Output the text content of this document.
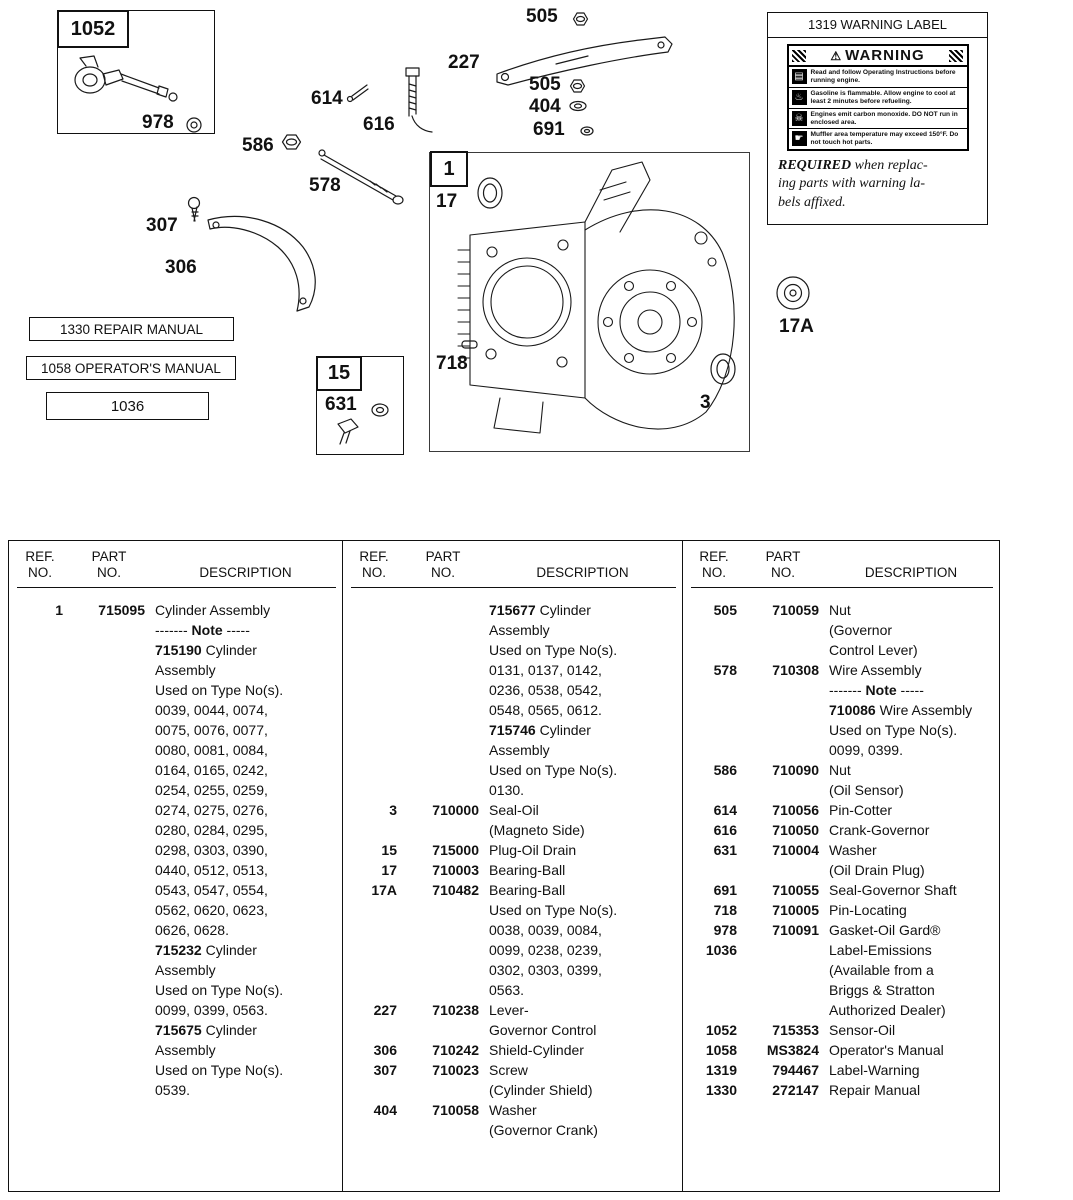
1052
1
15
978
505
227
505
404
691
614
616
586
578
307
306
17
718
3
17A
631
1330 REPAIR MANUAL
1058 OPERATOR'S MANUAL
1036
1319 WARNING LABEL
⚠ WARNING
▤	Read and follow Operating Instructions before running engine.
♨	Gasoline is flammable. Allow engine to cool at least 2 minutes before refueling.
☠	Engines emit carbon monoxide. DO NOT run in enclosed area.
☛	Muffler area temperature may exceed 150°F. Do not touch hot parts.
REQUIRED when replac-
ing parts with warning la-
bels affixed.
REF.
NO.
PART
NO.	DESCRIPTION
1	715095 Cylinder Assembly
------- Note -----
715190 Cylinder
Assembly
Used on Type No(s).
0039, 0044, 0074,
0075, 0076, 0077,
0080, 0081, 0084,
0164, 0165, 0242,
0254, 0255, 0259,
0274, 0275, 0276,
0280, 0284, 0295,
0298, 0303, 0390,
0440, 0512, 0513,
0543, 0547, 0554,
0562, 0620, 0623,
0626, 0628.
715232 Cylinder
Assembly
Used on Type No(s).
0099, 0399, 0563.
715675 Cylinder
Assembly
Used on Type No(s).
0539.
REF.
NO.
PART
NO.	DESCRIPTION
715677 Cylinder
Assembly
Used on Type No(s).
0131, 0137, 0142,
0236, 0538, 0542,
0548, 0565, 0612.
715746 Cylinder
Assembly
Used on Type No(s).
0130.
3	710000 Seal-Oil
(Magneto Side)
15	715000 Plug-Oil Drain
17	710003 Bearing-Ball
17A	710482 Bearing-Ball
Used on Type No(s).
0038, 0039, 0084,
0099, 0238, 0239,
0302, 0303, 0399,
0563.
227	710238 Lever-
Governor Control
306	710242 Shield-Cylinder
307	710023 Screw
(Cylinder Shield)
404	710058 Washer
(Governor Crank)
REF.
NO.
PART
NO.	DESCRIPTION
505	710059 Nut
(Governor
Control Lever)
578	710308 Wire Assembly
------- Note -----
710086 Wire Assembly
Used on Type No(s).
0099, 0399.
586	710090 Nut
(Oil Sensor)
614	710056 Pin-Cotter
616	710050 Crank-Governor
631	710004 Washer
(Oil Drain Plug)
691	710055 Seal-Governor Shaft
718	710005 Pin-Locating
978	710091 Gasket-Oil Gard®
1036	Label-Emissions
(Available from a
Briggs & Stratton
Authorized Dealer)
1052	715353 Sensor-Oil
1058	MS3824 Operator's Manual
1319	794467 Label-Warning
1330	272147 Repair Manual
